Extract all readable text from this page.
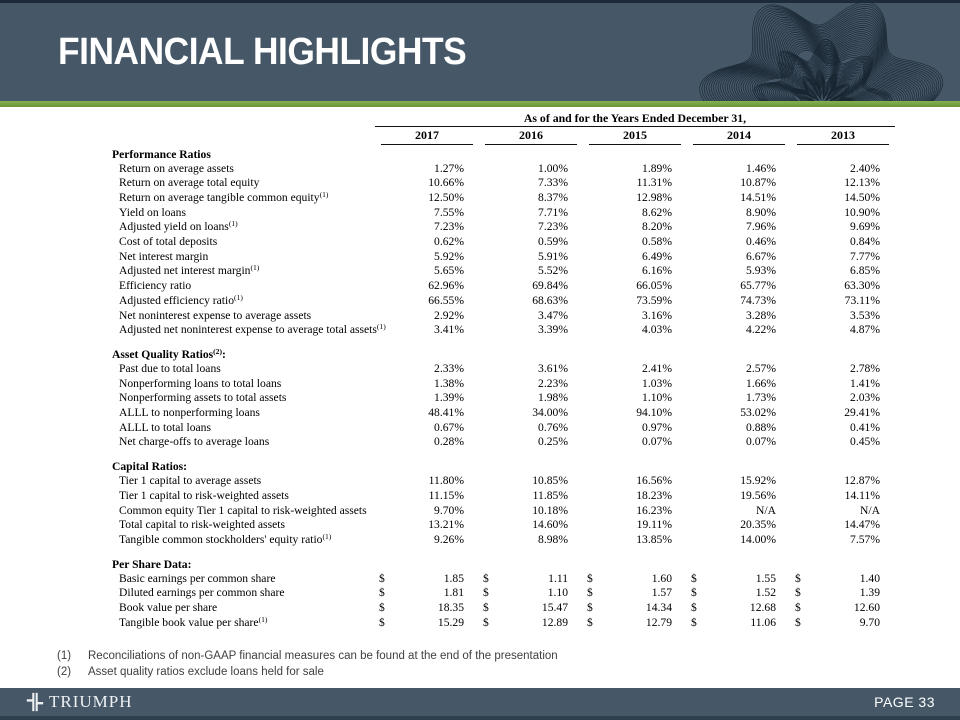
FINANCIAL HIGHLIGHTS
As of and for the Years Ended December 31,
2017	2016	2015	2014	2013
Performance Ratios
Return on average assets	1.27%	1.00%	1.89%	1.46%	2.40%
Return on average total equity	10.66%	7.33%	11.31%	10.87%	12.13%
Return on average tangible common equity$^{(1)}$	12.50%	8.37%	12.98%	14.51%	14.50%
Yield on loans	7.55%	7.71%	8.62%	8.90%	10.90%
Adjusted yield on loans$^{(1)}$	7.23%	7.23%	8.20%	7.96%	9.69%
Cost of total deposits	0.62%	0.59%	0.58%	0.46%	0.84%
Net interest margin	5.92%	5.91%	6.49%	6.67%	7.77%
Adjusted net interest margin$^{(1)}$	5.65%	5.52%	6.16%	5.93%	6.85%
Efficiency ratio	62.96%	69.84%	66.05%	65.77%	63.30%
Adjusted efficiency ratio$^{(1)}$	66.55%	68.63%	73.59%	74.73%	73.11%
Net noninterest expense to average assets	2.92%	3.47%	3.16%	3.28%	3.53%
Adjusted net noninterest expense to average total assets$^{(1)}$	3.41%	3.39%	4.03%	4.22%	4.87%
Asset Quality Ratios$^{(2)}$:
Past due to total loans	2.33%	3.61%	2.41%	2.57%	2.78%
Nonperforming loans to total loans	1.38%	2.23%	1.03%	1.66%	1.41%
Nonperforming assets to total assets	1.39%	1.98%	1.10%	1.73%	2.03%
ALLL to nonperforming loans	48.41%	34.00%	94.10%	53.02%	29.41%
ALLL to total loans	0.67%	0.76%	0.97%	0.88%	0.41%
Net charge-offs to average loans	0.28%	0.25%	0.07%	0.07%	0.45%
Capital Ratios:
Tier 1 capital to average assets	11.80%	10.85%	16.56%	15.92%	12.87%
Tier 1 capital to risk-weighted assets	11.15%	11.85%	18.23%	19.56%	14.11%
Common equity Tier 1 capital to risk-weighted assets	9.70%	10.18%	16.23%	N/A	N/A
Total capital to risk-weighted assets	13.21%	14.60%	19.11%	20.35%	14.47%
Tangible common stockholders' equity ratio$^{(1)}$	9.26%	8.98%	13.85%	14.00%	7.57%
Per Share Data:
Basic earnings per common share	$	1.85 $	1.11 $	1.60 $	1.55 $	1.40
Diluted earnings per common share	$	1.81 $	1.10 $	1.57 $	1.52 $	1.39
Book value per share	$	18.35 $	15.47 $	14.34 $	12.68 $	12.60
Tangible book value per share$^{(1)}$	$	15.29 $	12.89 $	12.79 $	11.06 $	9.70
(1)	Reconciliations of non-GAAP financial measures can be found at the end of the presentation
(2)	Asset quality ratios exclude loans held for sale
TRIUMPH	PAGE 33
